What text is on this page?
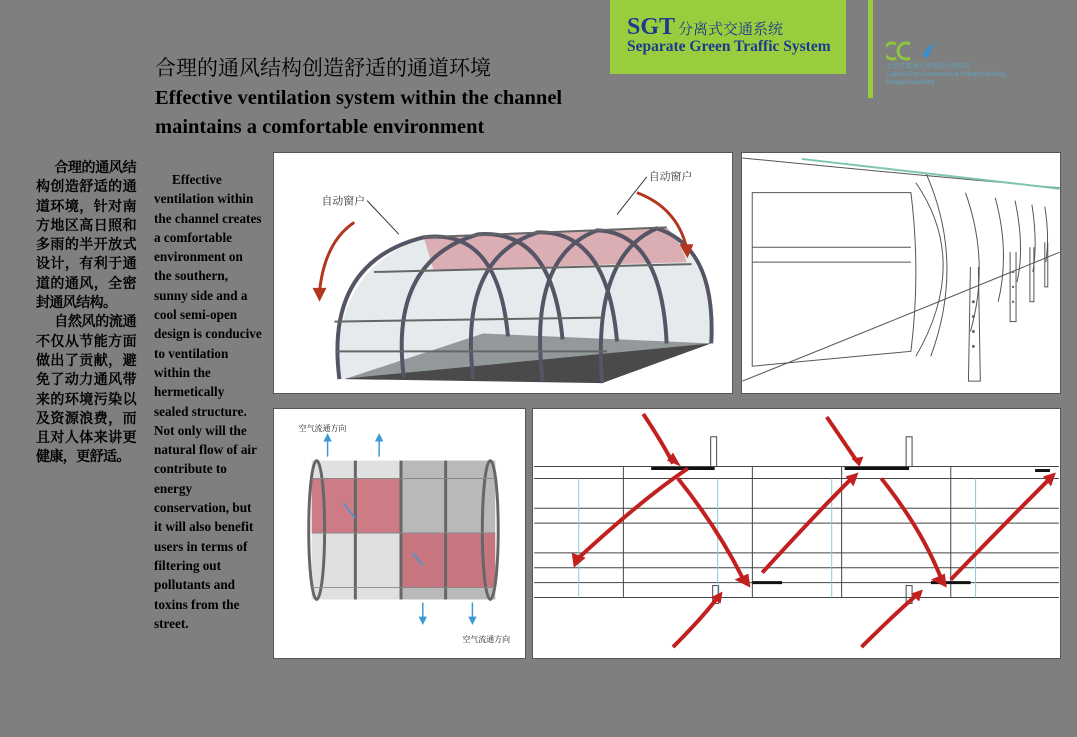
SGT 分离式交通系统
Separate Green Traffic System
北京首都城市规划设计研究院
Capital City Commerce & Urban Planning
Design Academy
合理的通风结构创造舒适的通道环境
Effective ventilation system within the channel
maintains a comfortable environment

合理的通风结构创造舒适的通道环境，针对南方地区高日照和多雨的半开放式设计，有利于通道的通风，全密封通风结构。

自然风的流通不仅从节能方面做出了贡献，避免了动力通风带来的环境污染以及资源浪费，而且对人体来讲更健康，更舒适。

Effective ventilation within the channel creates a comfortable environment on the southern, sunny side and a cool semi-open design is conducive to ventilation within the hermetically sealed structure.

Not only will the natural flow of air contribute to energy conservation, but it will also benefit users in terms of filtering out pollutants and toxins from the street.
自动窗户
自动窗户
空气流通方向
空气流通方向
